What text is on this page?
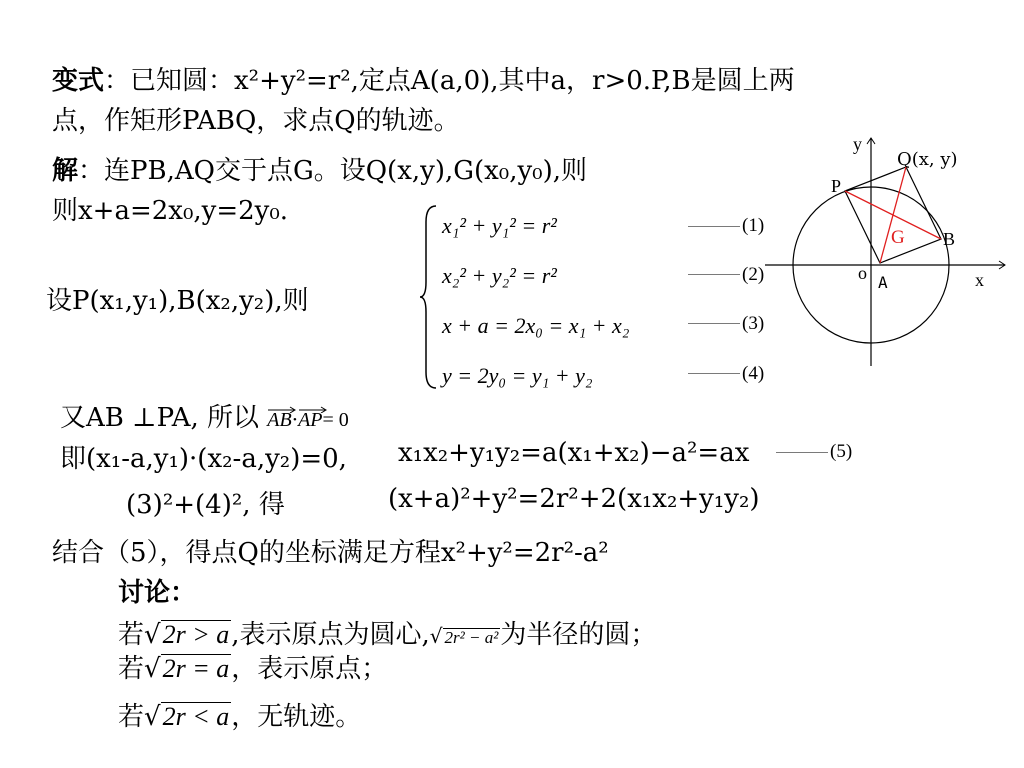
变式：已知圆：x²+y²=r²,定点A(a,0),其中a，r>0.P,B是圆上两
点，作矩形PABQ，求点Q的轨迹。
解：连PB,AQ交于点G。设Q(x,y),G(x₀,y₀),则
则x+a=2x₀,y=2y₀.
设P(x₁,y₁),B(x₂,y₂),则
x₁² + y₁² = r²
x₂² + y₂² = r²
x + a = 2x₀ = x₁ + x₂
y = 2y₀ = y₁ + y₂
(1)
(2)
(3)
(4)
又AB ⊥PA, 所以 AB·
AP= 0
即(x₁-a,y₁)·(x₂-a,y₂)=0, x₁x₂+y₁y₂=a(x₁+x₂)−a²=ax	(5)
(3)²+(4)², 得	(x+a)²+y²=2r²+2(x₁x₂+y₁y₂)
结合（5），得点Q的坐标满足方程x²+y²=2r²-a²
讨论：
若√2r > a,表示原点为圆心,√ 2r² − a²为半径的圆；
若√2r = a，表示原点；
若√2r < a，无轨迹。
y
x
o A
P
Q(x, y)
G B
